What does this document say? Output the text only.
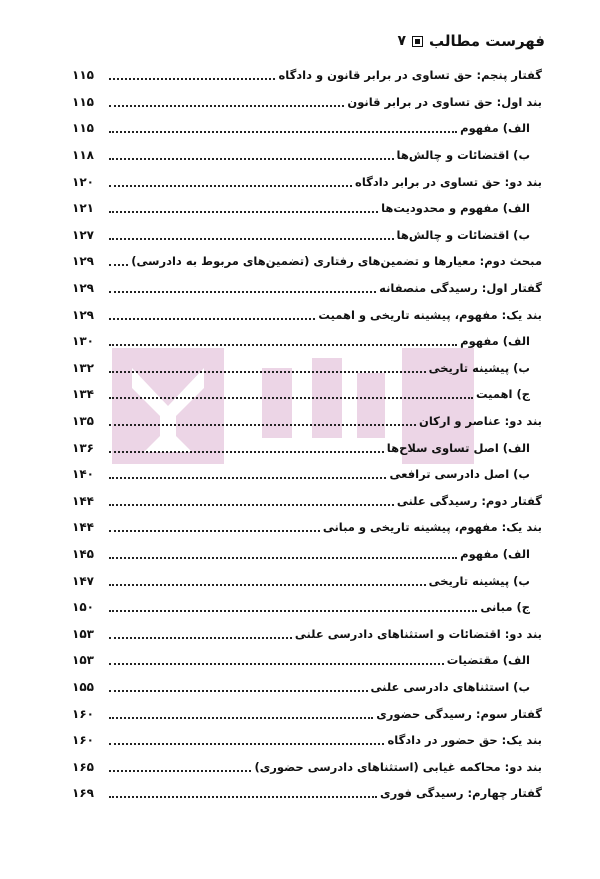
فهرست مطالب
۷
گفتار پنجم: حق تساوی در برابر قانون و دادگاه
۱۱۵
بند اول: حق تساوی در برابر قانون
۱۱۵
الف) مفهوم
۱۱۵
ب) اقتضائات و چالش‌ها
۱۱۸
بند دو: حق تساوی در برابر دادگاه
۱۲۰
الف) مفهوم و محدودیت‌ها
۱۲۱
ب) اقتضائات و چالش‌ها
۱۲۷
مبحث دوم: معیارها و تضمین‌های رفتاری (تضمین‌های مربوط به دادرسی)
۱۲۹
گفتار اول: رسیدگی منصفانه
۱۲۹
بند یک: مفهوم، پیشینه تاریخی و اهمیت
۱۲۹
الف) مفهوم
۱۳۰
ب) پیشینه تاریخی
۱۳۲
ج) اهمیت
۱۳۴
بند دو: عناصر و ارکان
۱۳۵
الف) اصل تساوی سلاح‌ها
۱۳۶
ب) اصل دادرسی ترافعی
۱۴۰
گفتار دوم: رسیدگی علنی
۱۴۴
بند یک: مفهوم، پیشینه تاریخی و مبانی
۱۴۴
الف) مفهوم
۱۴۵
ب) پیشینه تاریخی
۱۴۷
ج) مبانی
۱۵۰
بند دو: اقتضائات و استثناهای دادرسی علنی
۱۵۳
الف) مقتضیات
۱۵۳
ب) استثناهای دادرسی علنی
۱۵۵
گفتار سوم: رسیدگی حضوری
۱۶۰
بند یک: حق حضور در دادگاه
۱۶۰
بند دو: محاکمه غیابی (استثناهای دادرسی حضوری)
۱۶۵
گفتار چهارم: رسیدگی فوری
۱۶۹
